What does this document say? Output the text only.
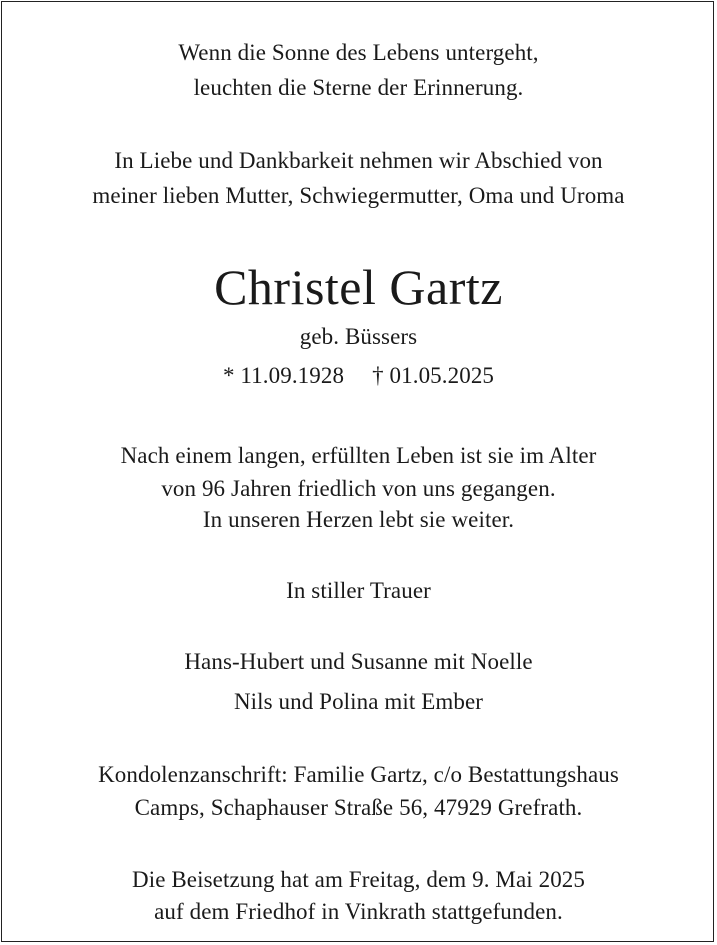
Wenn die Sonne des Lebens untergeht,
leuchten die Sterne der Erinnerung.
In Liebe und Dankbarkeit nehmen wir Abschied von
meiner lieben Mutter, Schwiegermutter, Oma und Uroma
Christel Gartz
geb. Büssers
* 11.09.1928 † 01.05.2025
Nach einem langen, erfüllten Leben ist sie im Alter
von 96 Jahren friedlich von uns gegangen.
In unseren Herzen lebt sie weiter.
In stiller Trauer
Hans-Hubert und Susanne mit Noelle
Nils und Polina mit Ember
Kondolenzanschrift: Familie Gartz, c/o Bestattungshaus
Camps, Schaphauser Straße 56, 47929 Grefrath.
Die Beisetzung hat am Freitag, dem 9. Mai 2025
auf dem Friedhof in Vinkrath stattgefunden.
